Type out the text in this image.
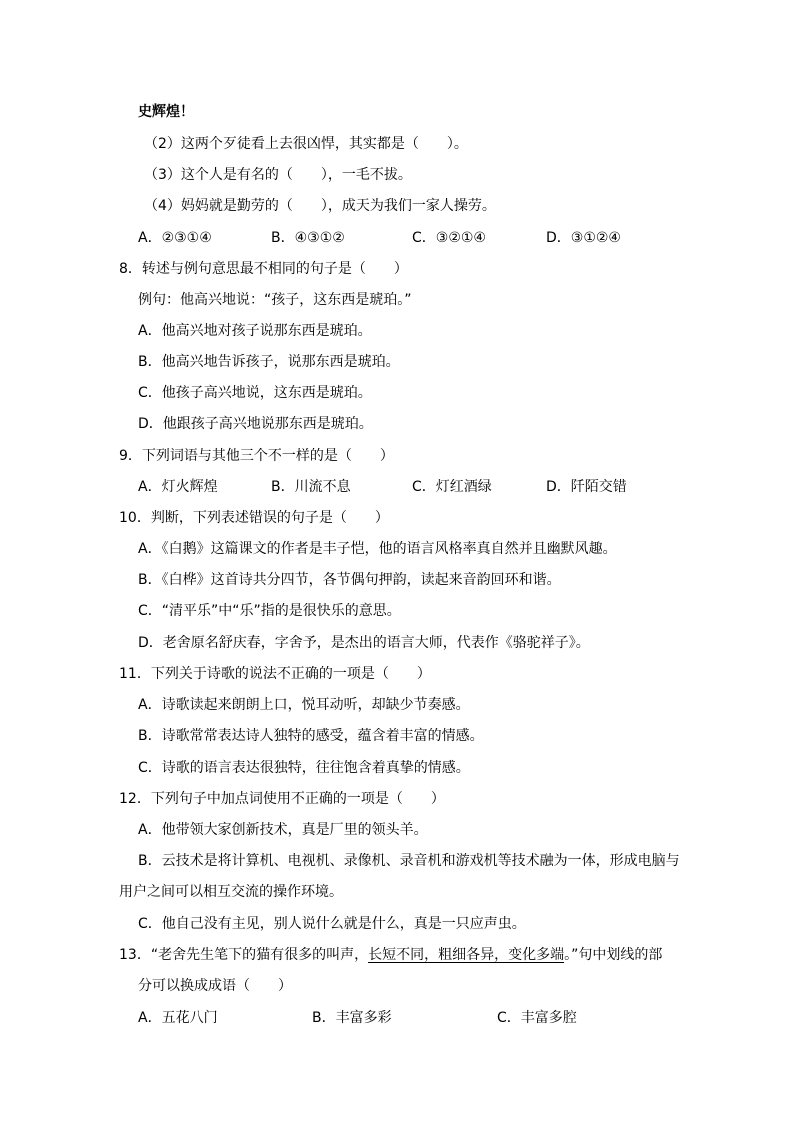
史辉煌！
（2）这两个歹徒看上去很凶悍，其实都是（　　）。
（3）这个人是有名的（　　），一毛不拔。
（4）妈妈就是勤劳的（　　），成天为我们一家人操劳。
A．②③①④	B．④③①②	C．③②①④	D．③①②④
8．转述与例句意思最不相同的句子是（　　）
例句：他高兴地说：“孩子，这东西是琥珀。”
A．他高兴地对孩子说那东西是琥珀。
B．他高兴地告诉孩子，说那东西是琥珀。
C．他孩子高兴地说，这东西是琥珀。
D．他跟孩子高兴地说那东西是琥珀。
9．下列词语与其他三个不一样的是（　　）
A．灯火辉煌	B．川流不息	C．灯红酒绿	D．阡陌交错
10．判断，下列表述错误的句子是（　　）
A．《白鹅》这篇课文的作者是丰子恺，他的语言风格率真自然并且幽默风趣。
B．《白桦》这首诗共分四节，各节偶句押韵，读起来音韵回环和谐。
C．“清平乐”中“乐”指的是很快乐的意思。
D．老舍原名舒庆春，字舍予，是杰出的语言大师，代表作《骆驼祥子》。
11．下列关于诗歌的说法不正确的一项是（　　）
A．诗歌读起来朗朗上口，悦耳动听，却缺少节奏感。
B．诗歌常常表达诗人独特的感受，蕴含着丰富的情感。
C．诗歌的语言表达很独特，往往饱含着真挚的情感。
12．下列句子中加点词使用不正确的一项是（　　）
A．他带领大家创新技术，真是厂里的领头羊。
B．云技术是将计算机、电视机、录像机、录音机和游戏机等技术融为一体，形成电脑与
用户之间可以相互交流的操作环境。
C．他自己没有主见，别人说什么就是什么，真是一只应声虫。
13．“老舍先生笔下的猫有很多的叫声，长短不同，粗细各异，变化多端。”句中划线的部
分可以换成成语（　　）
A．五花八门	B．丰富多彩	C．丰富多腔
